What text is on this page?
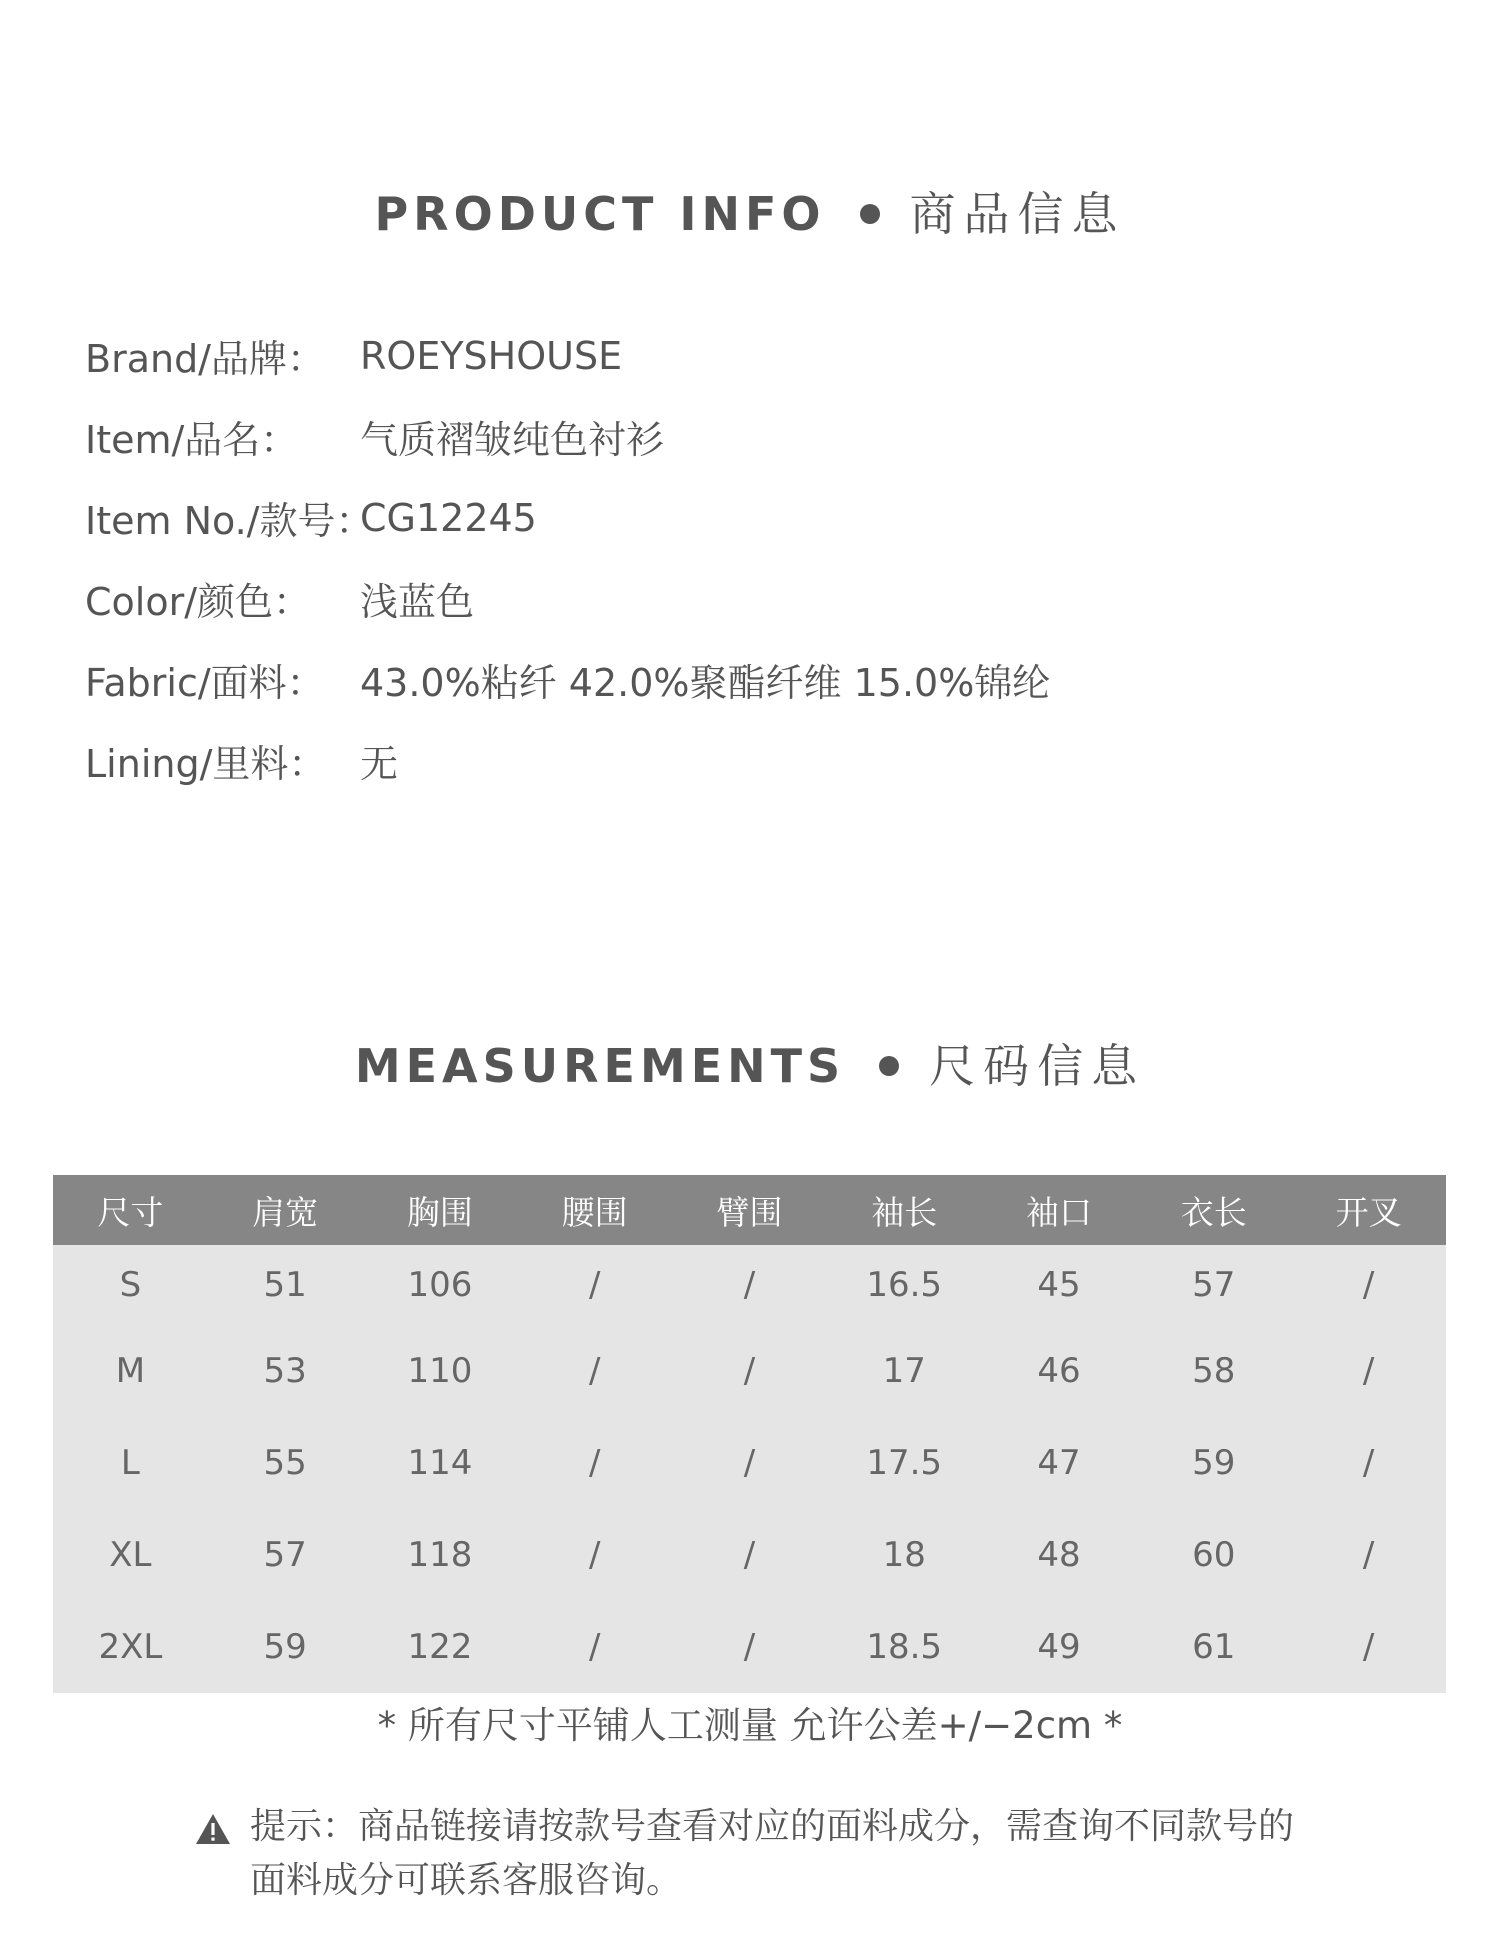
PRODUCT INFO 商品信息
Brand/品牌： ROEYSHOUSE
Item/品名：	气质褶皱纯色衬衫
Item No./款号：
CG12245
Color/颜色：	浅蓝色
Fabric/面料： 43.0%粘纤 42.0%聚酯纤维 15.0%锦纶
Lining/里料： 无
MEASUREMENTS 尺码信息
尺寸	肩宽	胸围	腰围	臂围	袖长	袖口	衣长	开叉
S	51	106	/	/	16.5	45	57	/
M	53	110	/	/	17	46	58	/
L	55	114	/	/	17.5	47	59	/
XL	57	118	/	/	18	48	60	/
2XL	59	122	/	/	18.5	49	61	/
* 所有尺寸平铺人工测量 允许公差+/−2cm *
提示：商品链接请按款号查看对应的面料成分，需查询不同款号的
面料成分可联系客服咨询。
